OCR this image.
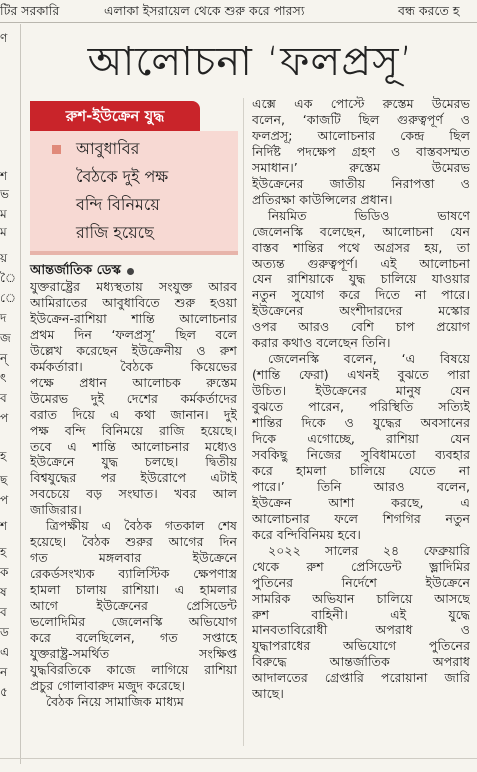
টির সরকারি	এলাকা ইসরায়েল থেকে শুরু করে পারস্য	বন্ধ করতে হ
ণ
শ
ভ
ম
ম
য়
ৈ
ে
দ
জ
ন্
ৎ
ব
প
হ
ছ
প
শ
হ
ক
ষ
ব
ড
এ
ন
৫
আলোচনা ‘ফলপ্রসূ’
রুশ-ইউক্রেন যুদ্ধ
আবুধাবির
বৈঠকে দুই পক্ষ
বন্দি বিনিময়ে
রাজি হয়েছে
আন্তর্জাতিক ডেস্ক
যুক্তরাষ্ট্রের মধ্যস্থতায় সংযুক্ত আরব
আমিরাতের আবুধাবিতে শুরু হওয়া
ইউক্রেন-রাশিয়া শান্তি আলোচনার
প্রথম দিন ‘ফলপ্রসূ’ ছিল বলে
উল্লেখ করেছেন ইউক্রেনীয় ও রুশ
কর্মকর্তারা। বৈঠকে কিয়েভের
পক্ষে প্রধান আলোচক রুস্তেম
উমেরভ দুই দেশের কর্মকর্তাদের
বরাত দিয়ে এ কথা জানান। দুই
পক্ষ বন্দি বিনিময়ে রাজি হয়েছে।
তবে এ শান্তি আলোচনার মধ্যেও
ইউক্রেনে যুদ্ধ চলছে। দ্বিতীয়
বিশ্বযুদ্ধের পর ইউরোপে এটাই
সবচেয়ে বড় সংঘাত। খবর আল
জাজিরার।
ত্রিপক্ষীয় এ বৈঠক গতকাল শেষ
হয়েছে। বৈঠক শুরুর আগের দিন
গত মঙ্গলবার ইউক্রেনে
রেকর্ডসংখ্যক ব্যালিস্টিক ক্ষেপণাস্ত্র
হামলা চালায় রাশিয়া। এ হামলার
আগে ইউক্রেনের প্রেসিডেন্ট
ভলোদিমির জেলেনস্কি অভিযোগ
করে বলেছিলেন, গত সপ্তাহে
যুক্তরাষ্ট্র-সমর্থিত সংক্ষিপ্ত
যুদ্ধবিরতিকে কাজে লাগিয়ে রাশিয়া
প্রচুর গোলাবারুদ মজুদ করেছে।
বৈঠক নিয়ে সামাজিক মাধ্যম
এক্সে এক পোস্টে রুস্তেম উমেরভ
বলেন, ‘কাজটি ছিল গুরুত্বপূর্ণ ও
ফলপ্রসূ; আলোচনার কেন্দ্র ছিল
নির্দিষ্ট পদক্ষেপ গ্রহণ ও বাস্তবসম্মত
সমাধান।’ রুস্তেম উমেরভ
ইউক্রেনের জাতীয় নিরাপত্তা ও
প্রতিরক্ষা কাউন্সিলের প্রধান।
নিয়মিত ভিডিও ভাষণে
জেলেনস্কি বলেছেন, আলোচনা যেন
বাস্তব শান্তির পথে অগ্রসর হয়, তা
অত্যন্ত গুরুত্বপূর্ণ। এই আলোচনা
যেন রাশিয়াকে যুদ্ধ চালিয়ে যাওয়ার
নতুন সুযোগ করে দিতে না পারে।
ইউক্রেনের অংশীদারদের মস্কোর
ওপর আরও বেশি চাপ প্রয়োগ
করার কথাও বলেছেন তিনি।
জেলেনস্কি বলেন, ‘এ বিষয়ে
(শান্তি ফেরা) এখনই বুঝতে পারা
উচিত। ইউক্রেনের মানুষ যেন
বুঝতে পারেন, পরিস্থিতি সত্যিই
শান্তির দিকে ও যুদ্ধের অবসানের
দিকে এগোচ্ছে, রাশিয়া যেন
সবকিছু নিজের সুবিধামতো ব্যবহার
করে হামলা চালিয়ে যেতে না
পারে।’ তিনি আরও বলেন,
ইউক্রেন আশা করছে, এ
আলোচনার ফলে শিগগির নতুন
করে বন্দিবিনিময় হবে।
২০২২ সালের ২৪ ফেব্রুয়ারি
থেকে রুশ প্রেসিডেন্ট ভ্লাদিমির
পুতিনের নির্দেশে ইউক্রেনে
সামরিক অভিযান চালিয়ে আসছে
রুশ বাহিনী। এই যুদ্ধে
মানবতাবিরোধী অপরাধ ও
যুদ্ধাপরাধের অভিযোগে পুতিনের
বিরুদ্ধে আন্তর্জাতিক অপরাধ
আদালতের গ্রেপ্তারি পরোয়ানা জারি
আছে।
